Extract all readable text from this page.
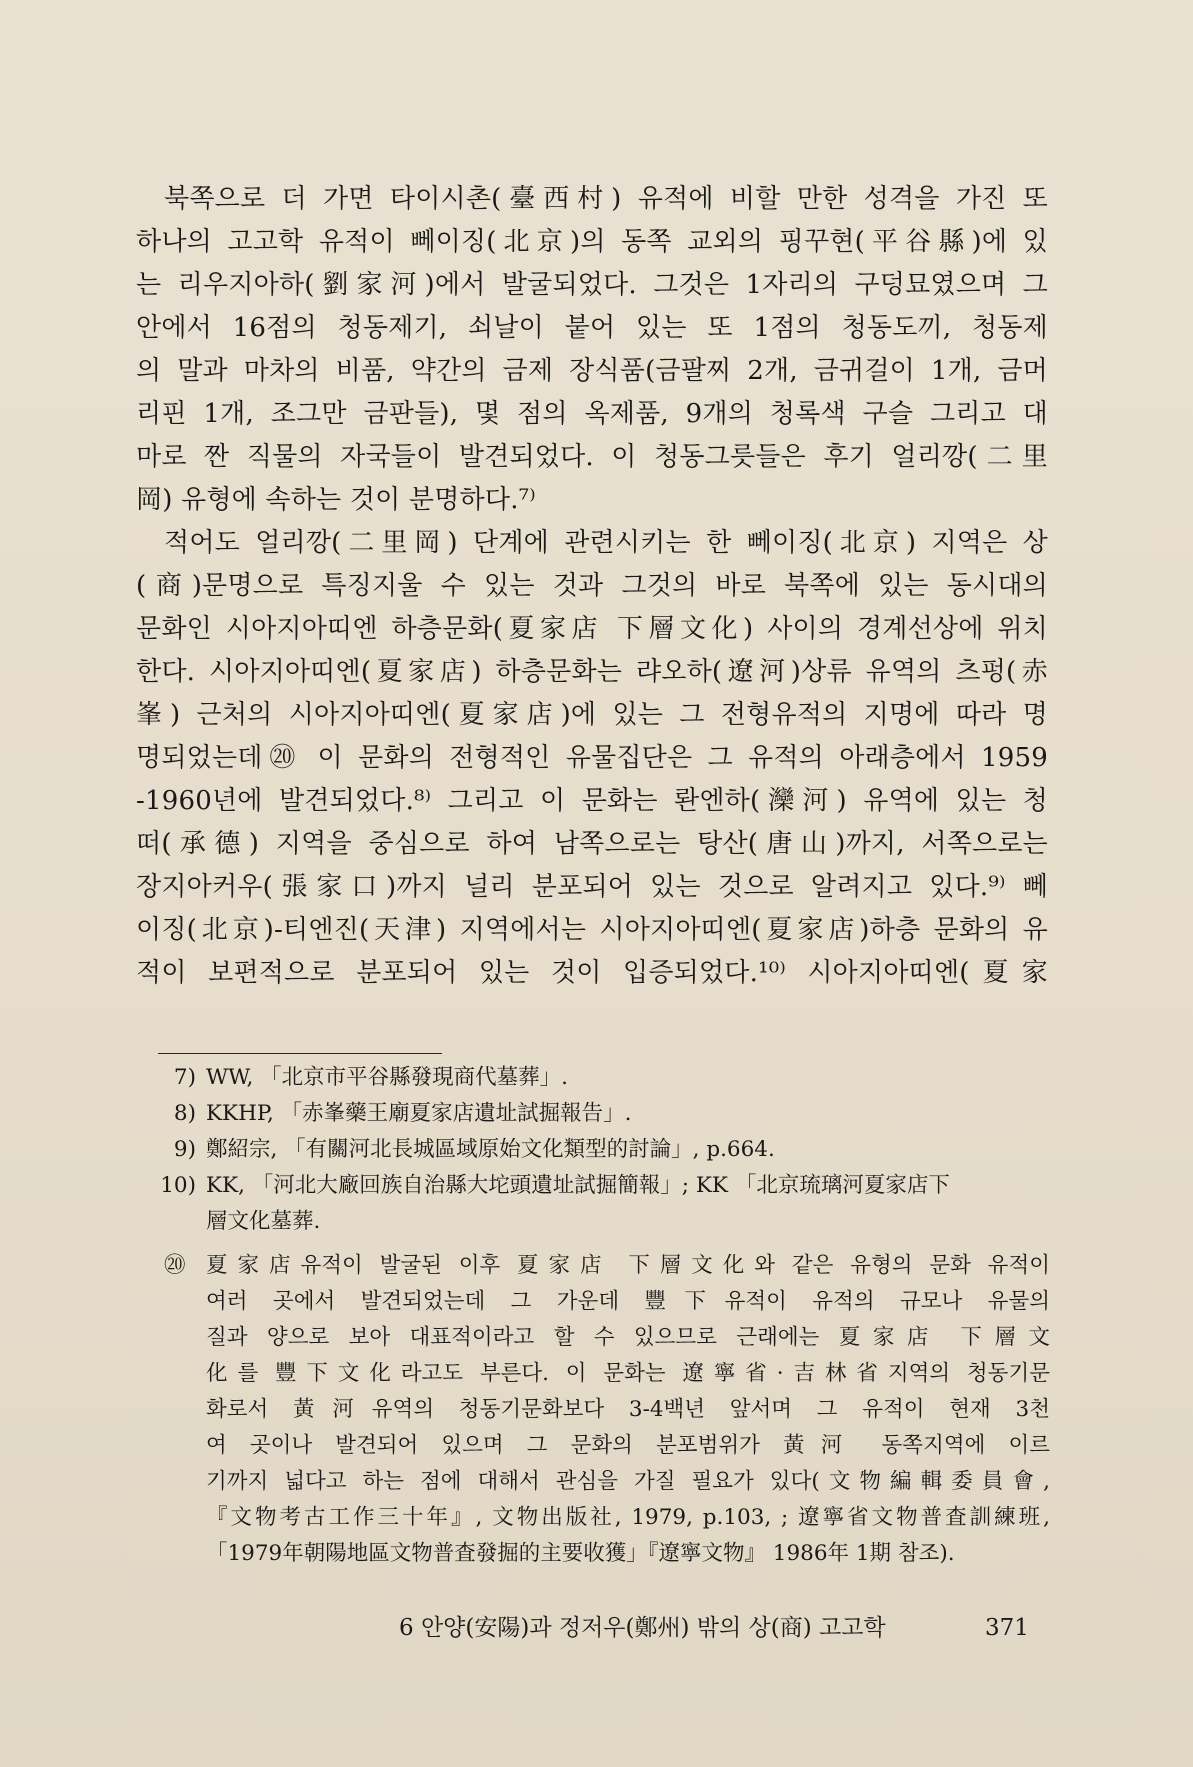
북쪽으로 더 가면 타이시촌(臺西村) 유적에 비할 만한 성격을 가진 또
하나의 고고학 유적이 뻬이징(北京)의 동쪽 교외의 핑꾸현(平谷縣)에 있
는 리우지아하(劉家河)에서 발굴되었다. 그것은 1자리의 구덩묘였으며 그
안에서 16점의 청동제기, 쇠날이 붙어 있는 또 1점의 청동도끼, 청동제
의 말과 마차의 비품, 약간의 금제 장식품(금팔찌 2개, 금귀걸이 1개, 금머
리핀 1개, 조그만 금판들), 몇 점의 옥제품, 9개의 청록색 구슬 그리고 대
마로 짠 직물의 자국들이 발견되었다. 이 청동그릇들은 후기 얼리깡(二里
岡) 유형에 속하는 것이 분명하다.⁷⁾
적어도 얼리깡(二里岡) 단계에 관련시키는 한 뻬이징(北京) 지역은 상
(商)문명으로 특징지울 수 있는 것과 그것의 바로 북쪽에 있는 동시대의
문화인 시아지아띠엔 하층문화(夏家店 下層文化) 사이의 경계선상에 위치
한다. 시아지아띠엔(夏家店) 하층문화는 랴오하(遼河)상류 유역의 츠펑(赤
峯) 근처의 시아지아띠엔(夏家店)에 있는 그 전형유적의 지명에 따라 명
명되었는데⑳ 이 문화의 전형적인 유물집단은 그 유적의 아래층에서 1959
-1960년에 발견되었다.⁸⁾ 그리고 이 문화는 롼엔하(灤河) 유역에 있는 청
떠(承德) 지역을 중심으로 하여 남쪽으로는 탕산(唐山)까지, 서쪽으로는
장지아커우(張家口)까지 널리 분포되어 있는 것으로 알려지고 있다.⁹⁾ 뻬
이징(北京)-티엔진(天津) 지역에서는 시아지아띠엔(夏家店)하층 문화의 유
적이 보편적으로 분포되어 있는 것이 입증되었다.¹⁰⁾ 시아지아띠엔(夏家
7) WW, 「北京市平谷縣發現商代墓葬」.
8) KKHP, 「赤峯藥王廟夏家店遺址試掘報告」.
9) 鄭紹宗, 「有關河北長城區域原始文化類型的討論」, p.664.
10) KK, 「河北大廠回族自治縣大坨頭遺址試掘簡報」; KK 「北京琉璃河夏家店下
層文化墓葬.
⑳ 夏家店유적이 발굴된 이후 夏家店 下層文化와 같은 유형의 문화 유적이
여러 곳에서 발견되었는데 그 가운데 豐下유적이 유적의 규모나 유물의
질과 양으로 보아 대표적이라고 할 수 있으므로 근래에는 夏家店 下層文
化를 豐下文化라고도 부른다. 이 문화는 遼寧省·吉林省지역의 청동기문
화로서 黃河유역의 청동기문화보다 3-4백년 앞서며 그 유적이 현재 3천
여 곳이나 발견되어 있으며 그 문화의 분포범위가 黃河 동쪽지역에 이르
기까지 넓다고 하는 점에 대해서 관심을 가질 필요가 있다(文物編輯委員會,
『文物考古工作三十年』, 文物出版社, 1979, p.103, ; 遼寧省文物普査訓練班,
「1979年朝陽地區文物普査發掘的主要收獲」『遼寧文物』 1986年 1期 참조).
6 안양(安陽)과 정저우(鄭州) 밖의 상(商) 고고학	371
